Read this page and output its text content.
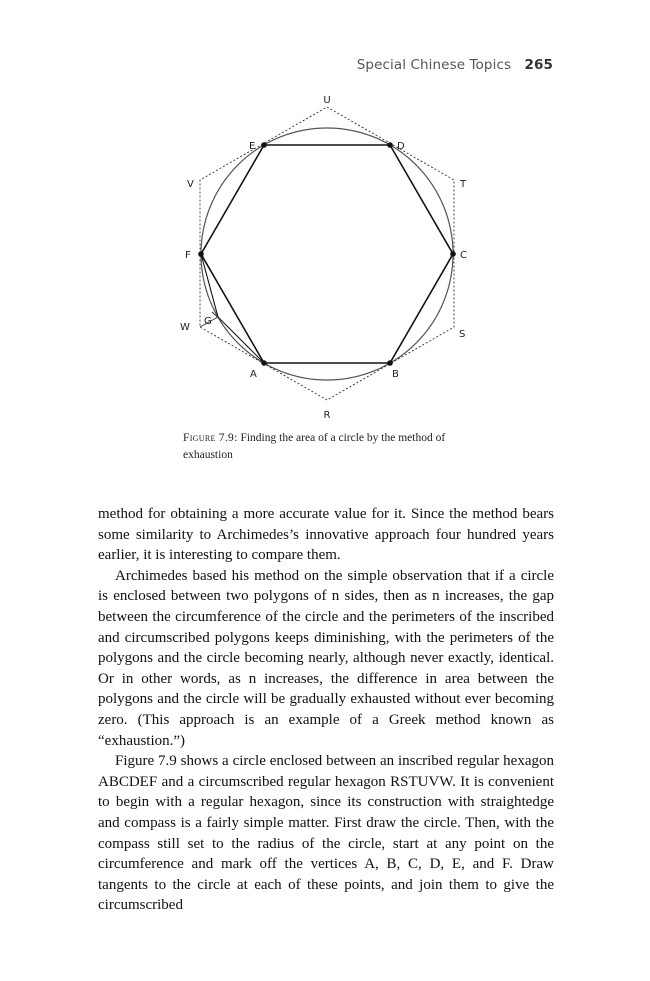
Special Chinese Topics 265
U
D
E
V	T
F	C
W
G
S
A	B
R
Figure 7.9: Finding the area of a circle by the method of exhaustion

method for obtaining a more accurate value for it. Since the method bears some similarity to Archimedes’s innovative approach four hundred years earlier, it is interesting to compare them.

Archimedes based his method on the simple observation that if a circle is enclosed between two polygons of n sides, then as n increases, the gap between the circumference of the circle and the perimeters of the inscribed and circumscribed polygons keeps diminishing, with the perimeters of the polygons and the circle becoming nearly, although never exactly, identical. Or in other words, as n increases, the difference in area between the polygons and the circle will be gradually exhausted without ever becoming zero. (This approach is an example of a Greek method known as “exhaustion.”)

Figure 7.9 shows a circle enclosed between an inscribed regular hexagon ABCDEF and a circumscribed regular hexagon RSTUVW. It is convenient to begin with a regular hexagon, since its construction with straightedge and compass is a fairly simple matter. First draw the circle. Then, with the compass still set to the radius of the circle, start at any point on the circumference and mark off the vertices A, B, C, D, E, and F. Draw tangents to the circle at each of these points, and join them to give the circumscribed
